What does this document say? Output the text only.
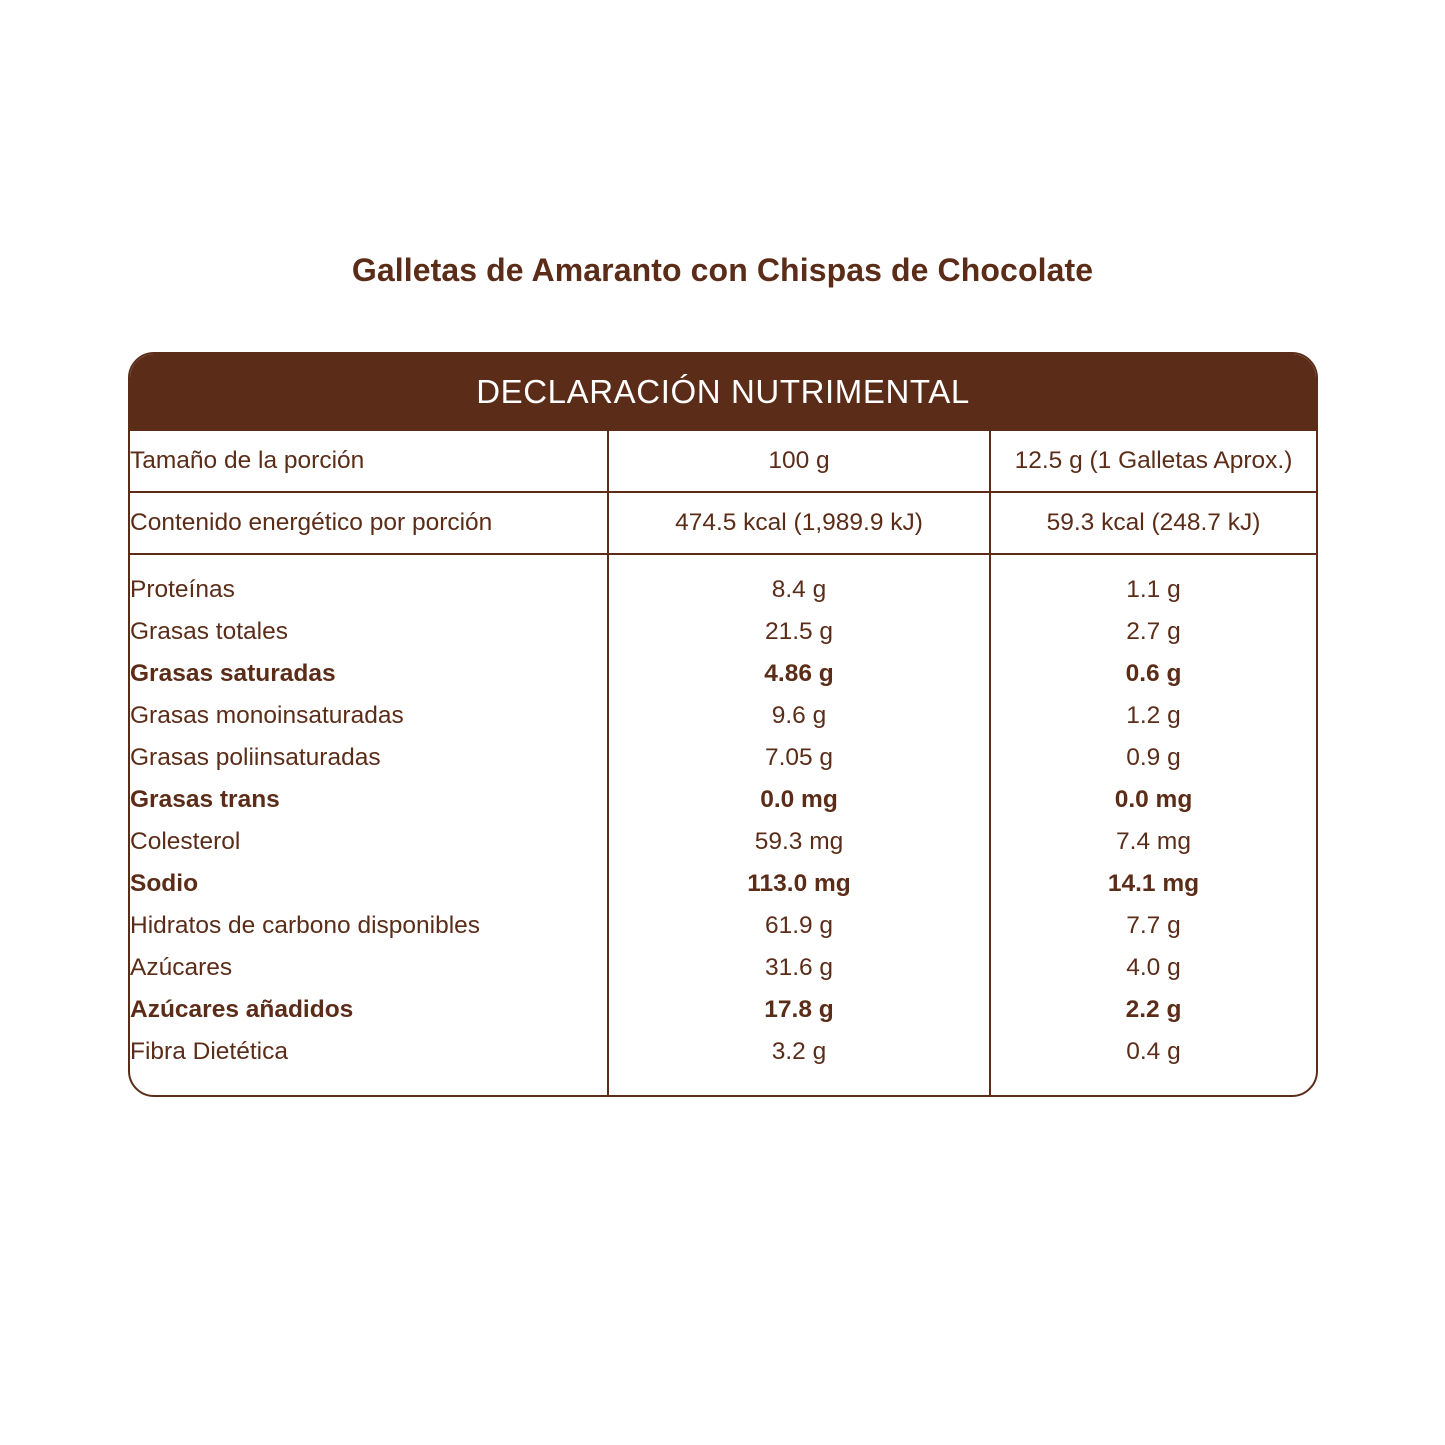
Galletas de Amaranto con Chispas de Chocolate
DECLARACIÓN NUTRIMENTAL
Tamaño de la porción	100 g	12.5 g (1 Galletas Aprox.)
Contenido energético por porción	474.5 kcal (1,989.9 kJ)	59.3 kcal (248.7 kJ)
Proteínas	8.4 g	1.1 g
Grasas totales	21.5 g	2.7 g
Grasas saturadas	4.86 g	0.6 g
Grasas monoinsaturadas	9.6 g	1.2 g
Grasas poliinsaturadas	7.05 g	0.9 g
Grasas trans	0.0 mg	0.0 mg
Colesterol	59.3 mg	7.4 mg
Sodio	113.0 mg	14.1 mg
Hidratos de carbono disponibles	61.9 g	7.7 g
Azúcares	31.6 g	4.0 g
Azúcares añadidos	17.8 g	2.2 g
Fibra Dietética	3.2 g	0.4 g
